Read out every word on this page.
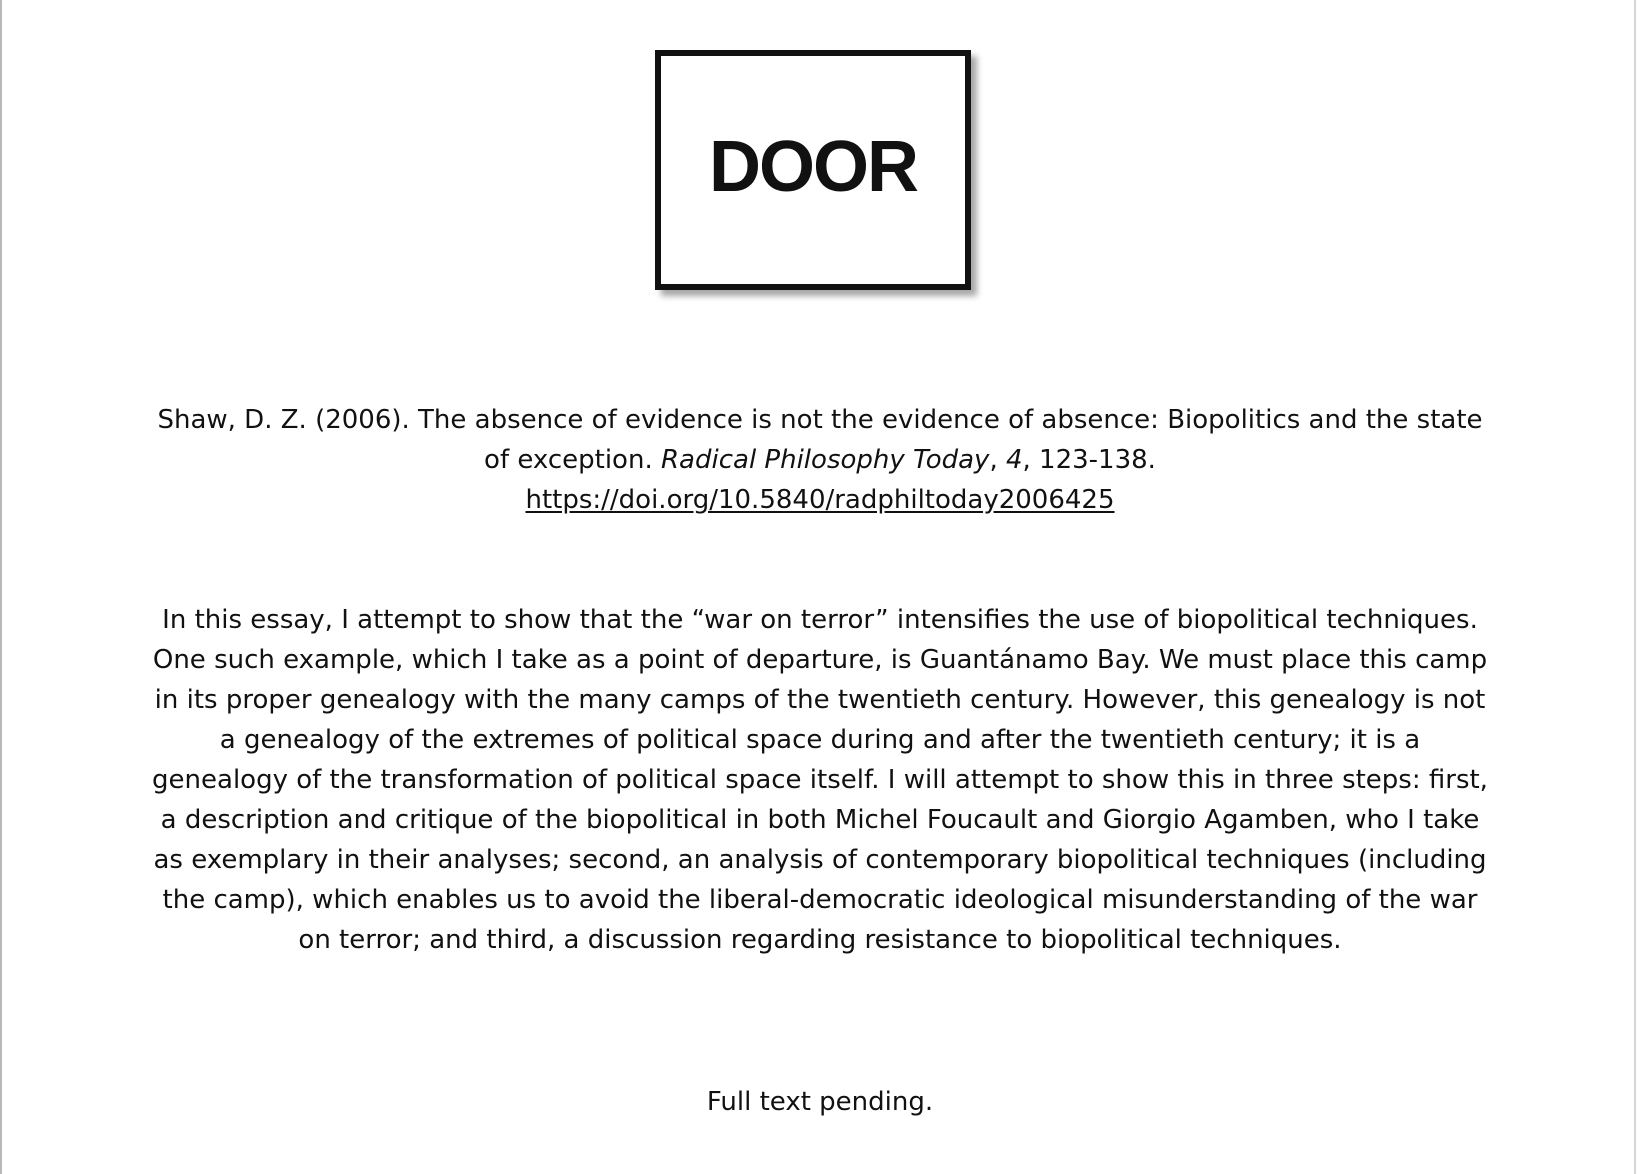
DOOR
Shaw, D. Z. (2006). The absence of evidence is not the evidence of absence: Biopolitics and the state of exception. Radical Philosophy Today, 4, 123-138.
https://doi.org/10.5840/radphiltoday2006425
In this essay, I attempt to show that the “war on terror” intensifies the use of biopolitical techniques. One such example, which I take as a point of departure, is Guantánamo Bay. We must place this camp in its proper genealogy with the many camps of the twentieth century. However, this genealogy is not a genealogy of the extremes of political space during and after the twentieth century; it is a genealogy of the transformation of political space itself. I will attempt to show this in three steps: first, a description and critique of the biopolitical in both Michel Foucault and Giorgio Agamben, who I take as exemplary in their analyses; second, an analysis of contemporary biopolitical techniques (including the camp), which enables us to avoid the liberal-democratic ideological misunderstanding of the war on terror; and third, a discussion regarding resistance to biopolitical techniques.
Full text pending.
